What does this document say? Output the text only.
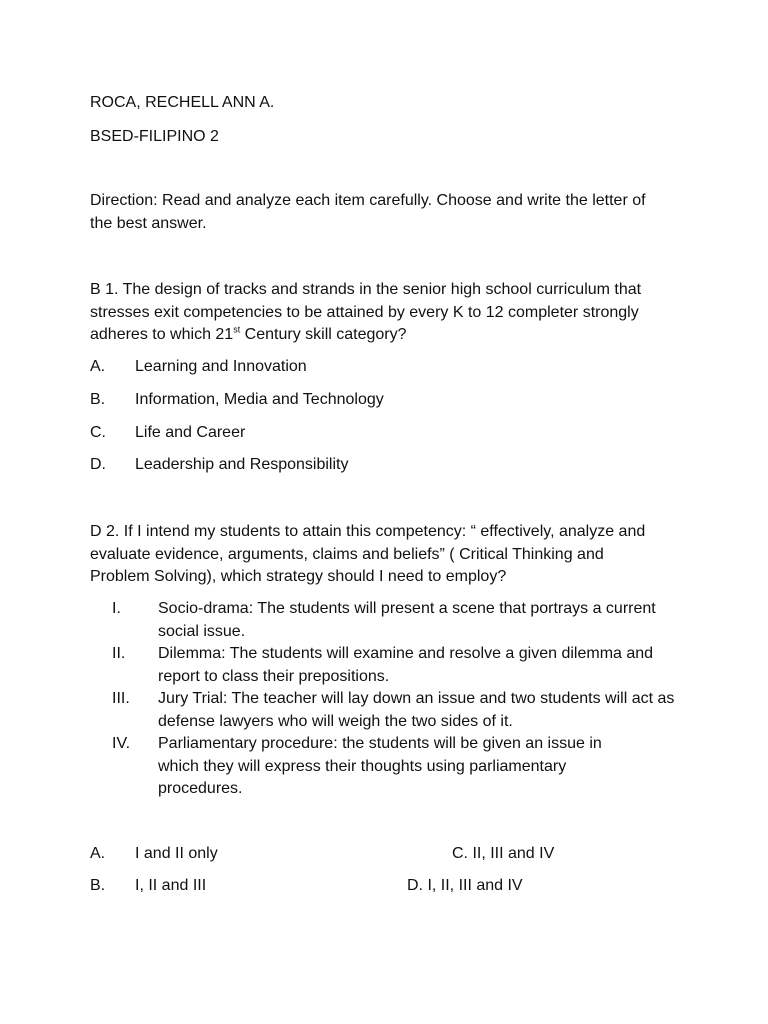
ROCA, RECHELL ANN A.
BSED-FILIPINO 2
Direction: Read and analyze each item carefully. Choose and write the letter of the best answer.
B 1. The design of tracks and strands in the senior high school curriculum that stresses exit competencies to be attained by every K to 12 completer strongly adheres to which 21st Century skill category?
A. Learning and Innovation
B. Information, Media and Technology
C. Life and Career
D. Leadership and Responsibility
D 2. If I intend my students to attain this competency: “ effectively, analyze and evaluate evidence, arguments, claims and beliefs” ( Critical Thinking and Problem Solving), which strategy should I need to employ?
I. Socio-drama: The students will present a scene that portrays a current social issue.
II. Dilemma: The students will examine and resolve a given dilemma and report to class their prepositions.
III. Jury Trial: The teacher will lay down an issue and two students will act as defense lawyers who will weigh the two sides of it.
IV. Parliamentary procedure: the students will be given an issue in which they will express their thoughts using parliamentary procedures.
A. I and II only	C. II, III and IV
B. I, II and III	D. I, II, III and IV
